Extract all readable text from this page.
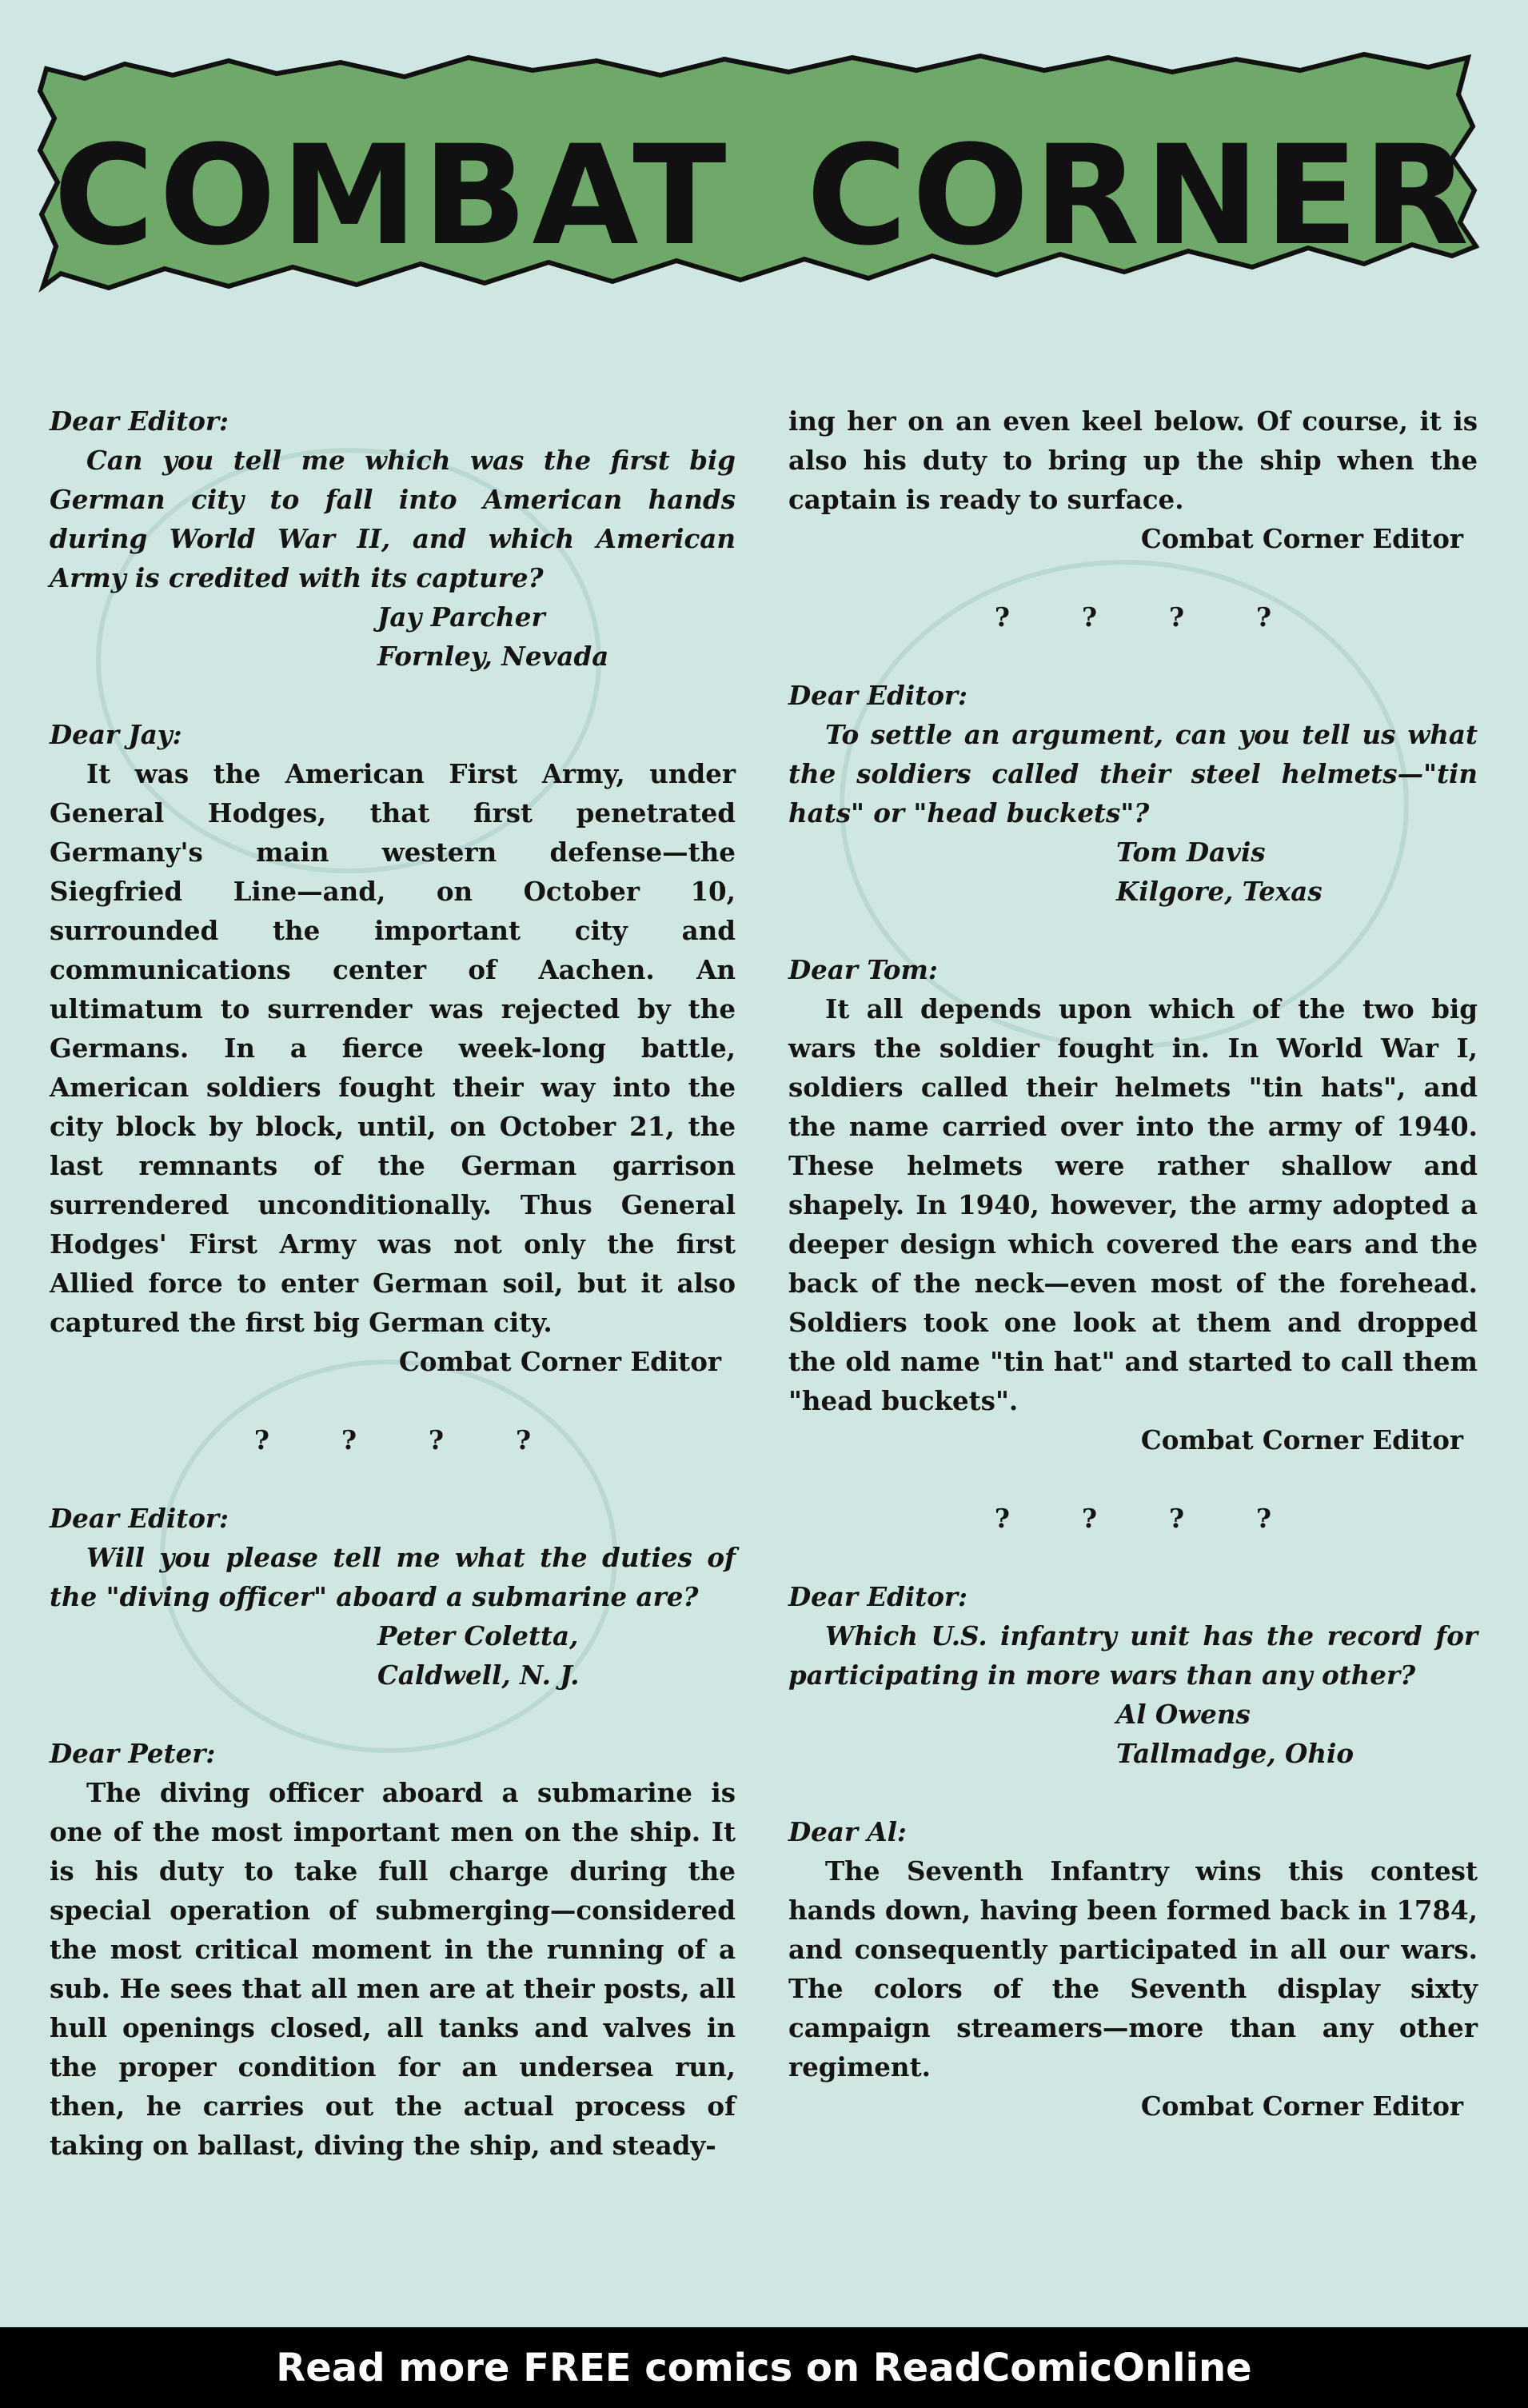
COMBAT CORNER

Dear Editor:

Can you tell me which was the first big German city to fall into American hands during World War II, and which American Army is credited with its capture?

Jay Parcher

Fornley, Nevada

Dear Jay:

It was the American First Army, under General Hodges, that first penetrated Germany's main western defense—the Siegfried Line—and, on October 10, surrounded the important city and communications center of Aachen. An ultimatum to surrender was rejected by the Germans. In a fierce week-long battle, American soldiers fought their way into the city block by block, until, on October 21, the last remnants of the German garrison surrendered unconditionally. Thus General Hodges' First Army was not only the first Allied force to enter German soil, but it also captured the first big German city.

Combat Corner Editor

?	?	?	?

Dear Editor:

Will you please tell me what the duties of the "diving officer" aboard a submarine are?

Peter Coletta,

Caldwell, N. J.

Dear Peter:

The diving officer aboard a submarine is one of the most important men on the ship. It is his duty to take full charge during the special operation of submerging—considered the most critical moment in the running of a sub. He sees that all men are at their posts, all hull openings closed, all tanks and valves in the proper condition for an undersea run, then, he carries out the actual process of taking on ballast, diving the ship, and steady-

ing her on an even keel below. Of course, it is also his duty to bring up the ship when the captain is ready to surface.

Combat Corner Editor

?	?	?	?

Dear Editor:

To settle an argument, can you tell us what the soldiers called their steel helmets—"tin hats" or "head buckets"?

Tom Davis

Kilgore, Texas

Dear Tom:

It all depends upon which of the two big wars the soldier fought in. In World War I, soldiers called their helmets "tin hats", and the name carried over into the army of 1940. These helmets were rather shallow and shapely. In 1940, however, the army adopted a deeper design which covered the ears and the back of the neck—even most of the forehead. Soldiers took one look at them and dropped the old name "tin hat" and started to call them "head buckets".

Combat Corner Editor

?	?	?	?

Dear Editor:

Which U.S. infantry unit has the record for participating in more wars than any other?

Al Owens

Tallmadge, Ohio

Dear Al:

The Seventh Infantry wins this contest hands down, having been formed back in 1784, and consequently participated in all our wars. The colors of the Seventh display sixty campaign streamers—more than any other regiment.

Combat Corner Editor

Read more FREE comics on ReadComicOnline
